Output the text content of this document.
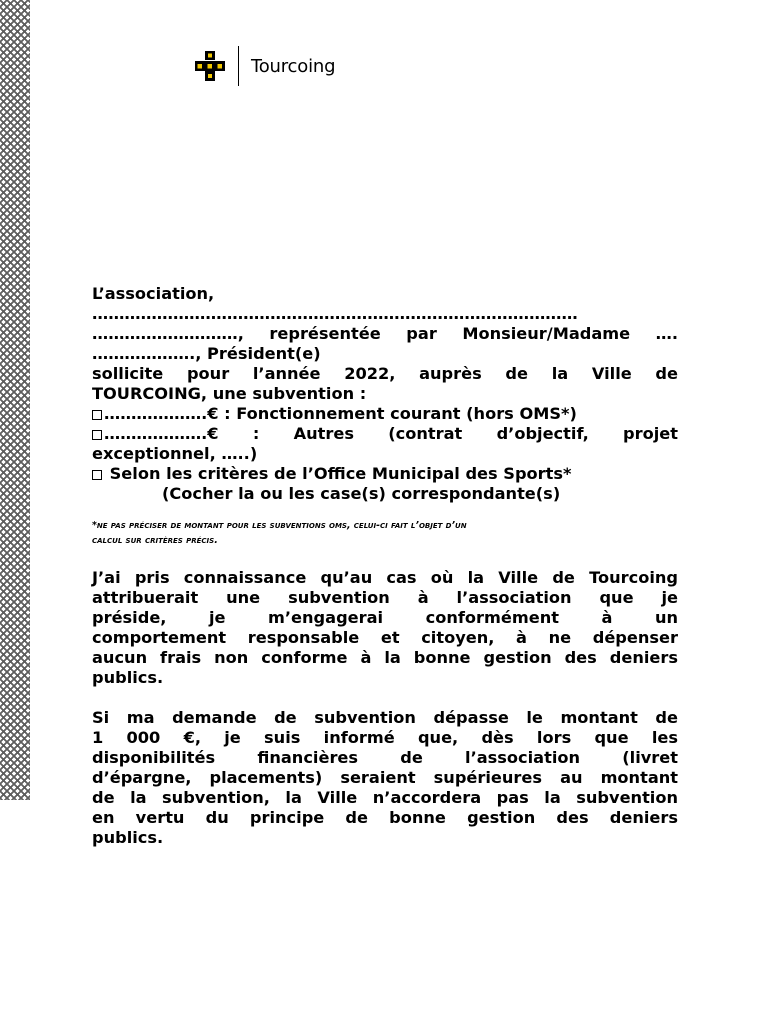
Tourcoing
L’association,
………………………………………………………………………………
………………………, représentée par Monsieur/Madame ….
………………., Président(e)
sollicite pour l’année 2022, auprès de la Ville de
TOURCOING, une subvention :
……………….€ : Fonctionnement courant (hors OMS*)
……………….€ : Autres (contrat d’objectif, projet
exceptionnel, …..)
Selon les critères de l’Office Municipal des Sports*
(Cocher la ou les case(s) correspondante(s)
*ne pas préciser de montant pour les subventions oms, celui-ci fait l’objet d’un
calcul sur critères précis.
J’ai pris connaissance qu’au cas où la Ville de Tourcoing
attribuerait une subvention à l’association que je
préside, je m’engagerai conformément à un
comportement responsable et citoyen, à ne dépenser
aucun frais non conforme à la bonne gestion des deniers
publics.
Si ma demande de subvention dépasse le montant de
1 000 €, je suis informé que, dès lors que les
disponibilités financières de l’association (livret
d’épargne, placements) seraient supérieures au montant
de la subvention, la Ville n’accordera pas la subvention
en vertu du principe de bonne gestion des deniers
publics.
